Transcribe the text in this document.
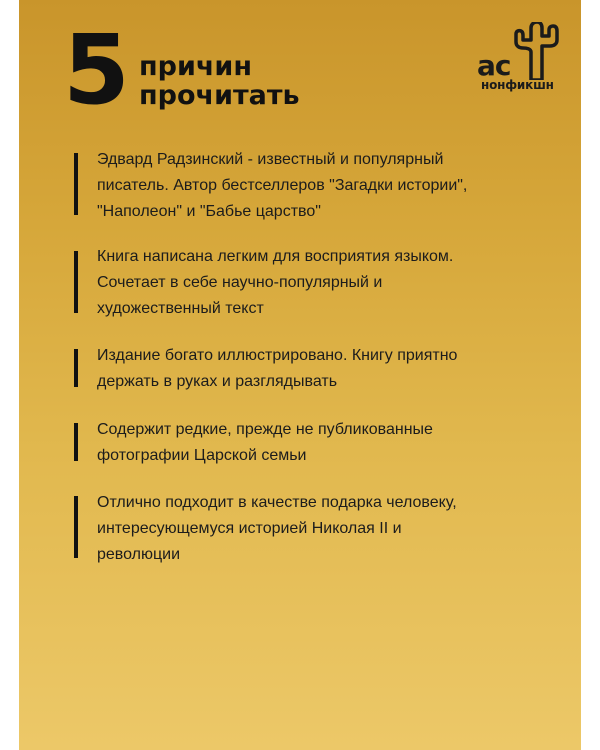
5 причин
прочитать
ас
нонфикшн

Эдвард Радзинский - известный и популярный

писатель. Автор бестселлеров "Загадки истории",

"Наполеон" и "Бабье царство"

Книга написана легким для восприятия языком.

Сочетает в себе научно-популярный и

художественный текст

Издание богато иллюстрировано. Книгу приятно

держать в руках и разглядывать

Содержит редкие, прежде не публикованные

фотографии Царской семьи

Отлично подходит в качестве подарка человеку,

интересующемуся историей Николая II и

революции
